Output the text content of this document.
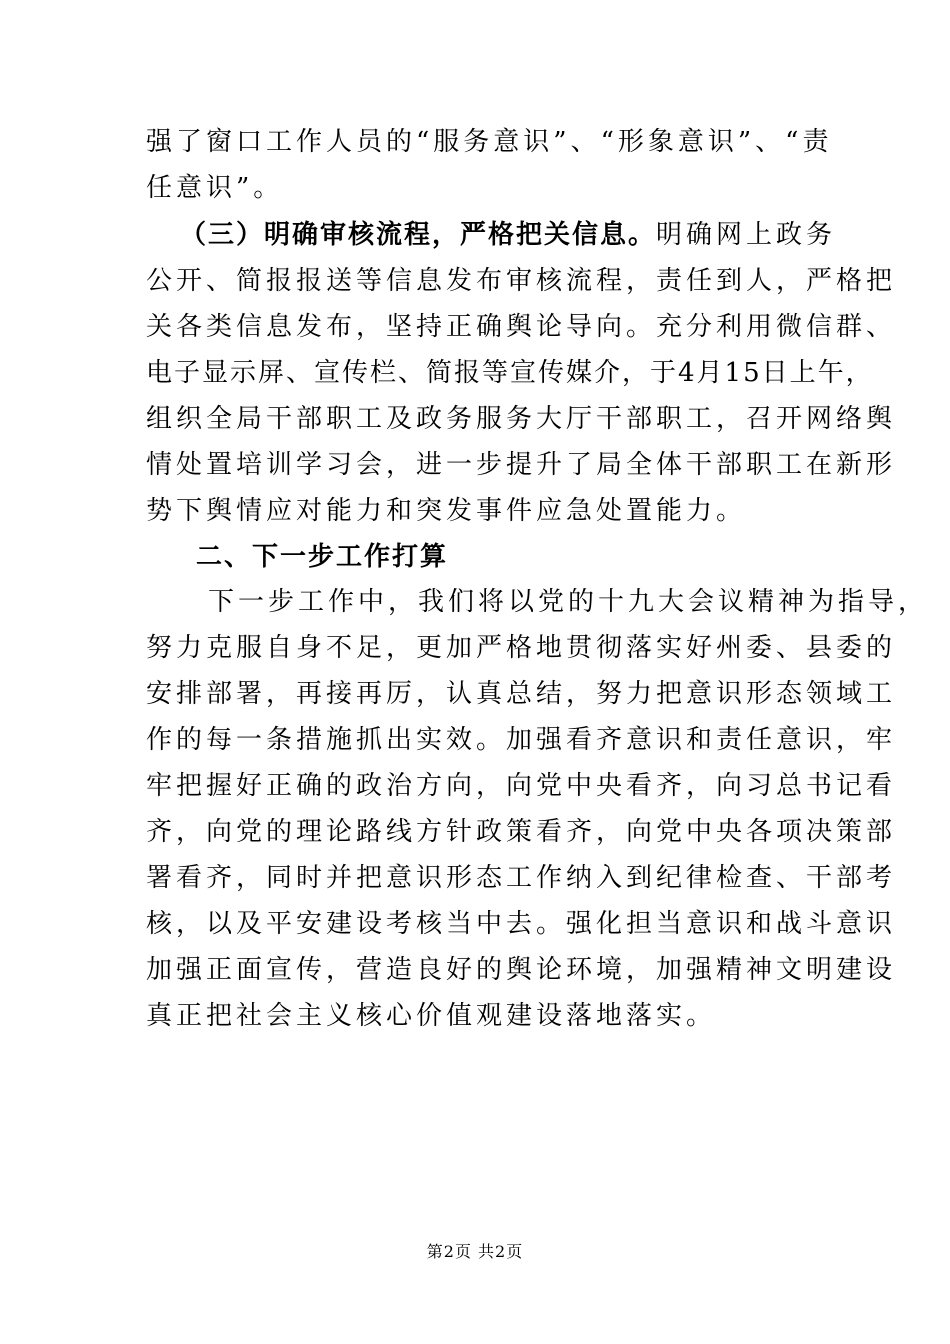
强了窗口工作人员的“服务意识”、“形象意识”、“责
任意识”。
（三）明确审核流程，严格把关信息。明确网上政务
公开、简报报送等信息发布审核流程，责任到人，严格把
关各类信息发布，坚持正确舆论导向。充分利用微信群、
电子显示屏、宣传栏、简报等宣传媒介，于4月15日上午，
组织全局干部职工及政务服务大厅干部职工，召开网络舆
情处置培训学习会，进一步提升了局全体干部职工在新形
势下舆情应对能力和突发事件应急处置能力。
二、下一步工作打算
下一步工作中，我们将以党的十九大会议精神为指导，
努力克服自身不足，更加严格地贯彻落实好州委、县委的
安排部署，再接再厉，认真总结，努力把意识形态领域工
作的每一条措施抓出实效。加强看齐意识和责任意识，牢
牢把握好正确的政治方向，向党中央看齐，向习总书记看
齐，向党的理论路线方针政策看齐，向党中央各项决策部
署看齐，同时并把意识形态工作纳入到纪律检查、干部考
核，以及平安建设考核当中去。强化担当意识和战斗意识
加强正面宣传，营造良好的舆论环境，加强精神文明建设
真正把社会主义核心价值观建设落地落实。
第2页 共2页
